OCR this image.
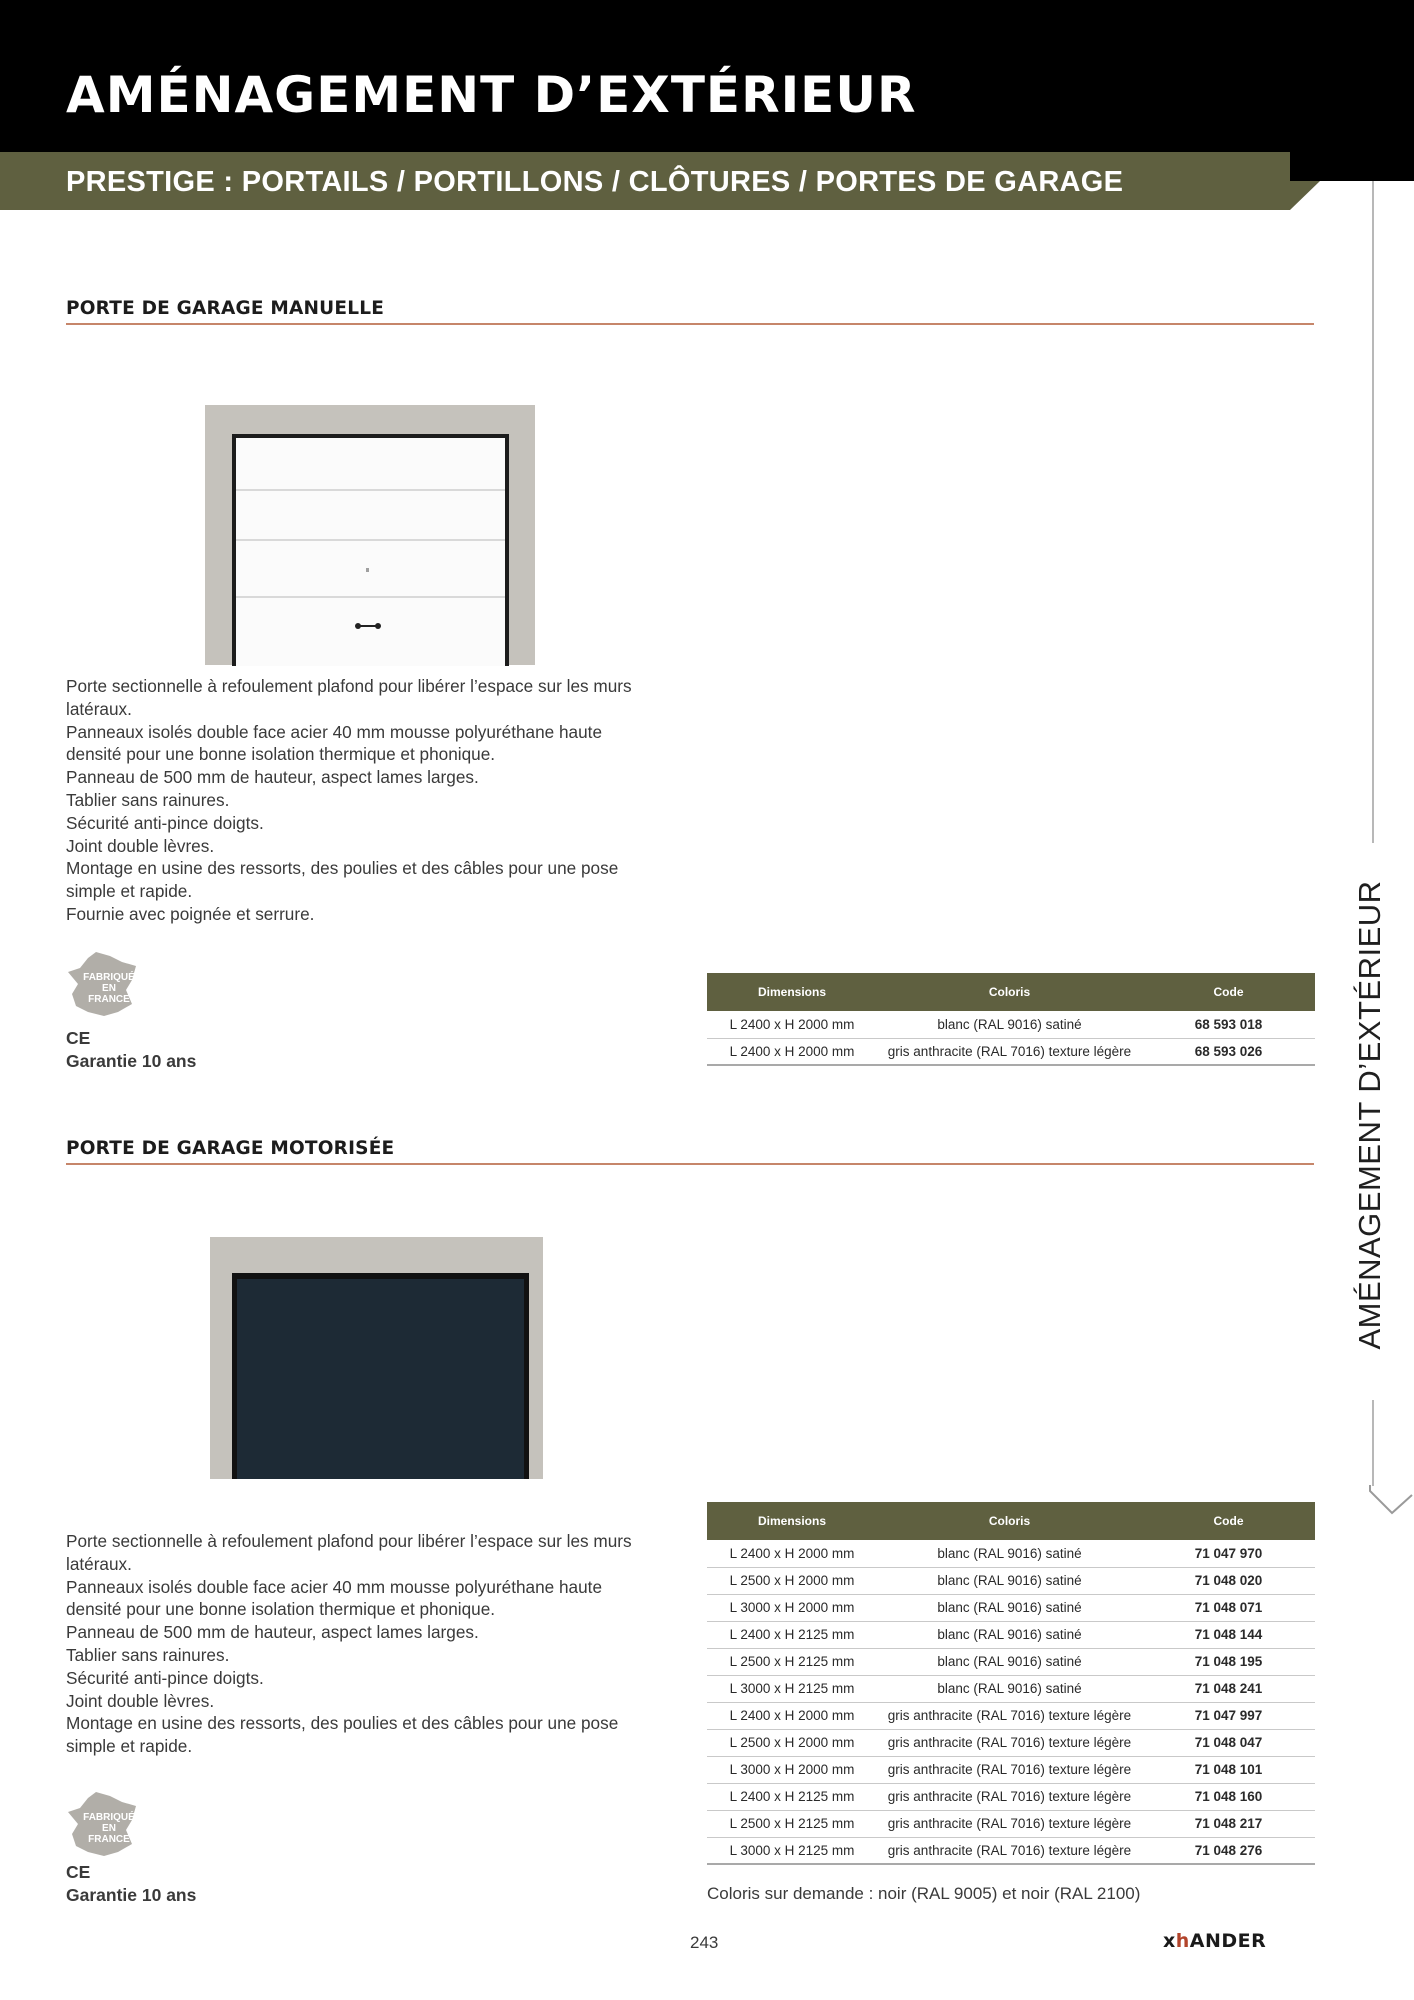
AMÉNAGEMENT D’EXTÉRIEUR
PRESTIGE : PORTAILS / PORTILLONS / CLÔTURES / PORTES DE GARAGE
AMÉNAGEMENT D’EXTÉRIEUR
PORTE DE GARAGE MANUELLE
Porte sectionnelle à refoulement plafond pour libérer l’espace sur les murs
latéraux.
Panneaux isolés double face acier 40 mm mousse polyuréthane haute
densité pour une bonne isolation thermique et phonique.
Panneau de 500 mm de hauteur, aspect lames larges.
Tablier sans rainures.
Sécurité anti-pince doigts.
Joint double lèvres.
Montage en usine des ressorts, des poulies et des câbles pour une pose
simple et rapide.
Fournie avec poignée et serrure.
FABRIQUÉ
EN
FRANCE
CE
Garantie 10 ans
Dimensions	Coloris	Code
L 2400 x H 2000 mm	blanc (RAL 9016) satiné	68 593 018
L 2400 x H 2000 mm	gris anthracite (RAL 7016) texture légère	68 593 026
PORTE DE GARAGE MOTORISÉE
Porte sectionnelle à refoulement plafond pour libérer l’espace sur les murs
latéraux.
Panneaux isolés double face acier 40 mm mousse polyuréthane haute
densité pour une bonne isolation thermique et phonique.
Panneau de 500 mm de hauteur, aspect lames larges.
Tablier sans rainures.
Sécurité anti-pince doigts.
Joint double lèvres.
Montage en usine des ressorts, des poulies et des câbles pour une pose
simple et rapide.
FABRIQUÉ
EN
FRANCE
CE
Garantie 10 ans
Dimensions	Coloris	Code
L 2400 x H 2000 mm	blanc (RAL 9016) satiné	71 047 970
L 2500 x H 2000 mm	blanc (RAL 9016) satiné	71 048 020
L 3000 x H 2000 mm	blanc (RAL 9016) satiné	71 048 071
L 2400 x H 2125 mm	blanc (RAL 9016) satiné	71 048 144
L 2500 x H 2125 mm	blanc (RAL 9016) satiné	71 048 195
L 3000 x H 2125 mm	blanc (RAL 9016) satiné	71 048 241
L 2400 x H 2000 mm	gris anthracite (RAL 7016) texture légère	71 047 997
L 2500 x H 2000 mm	gris anthracite (RAL 7016) texture légère	71 048 047
L 3000 x H 2000 mm	gris anthracite (RAL 7016) texture légère	71 048 101
L 2400 x H 2125 mm	gris anthracite (RAL 7016) texture légère	71 048 160
L 2500 x H 2125 mm	gris anthracite (RAL 7016) texture légère	71 048 217
L 3000 x H 2125 mm	gris anthracite (RAL 7016) texture légère	71 048 276
Coloris sur demande : noir (RAL 9005) et noir (RAL 2100)
243	xhANDER
